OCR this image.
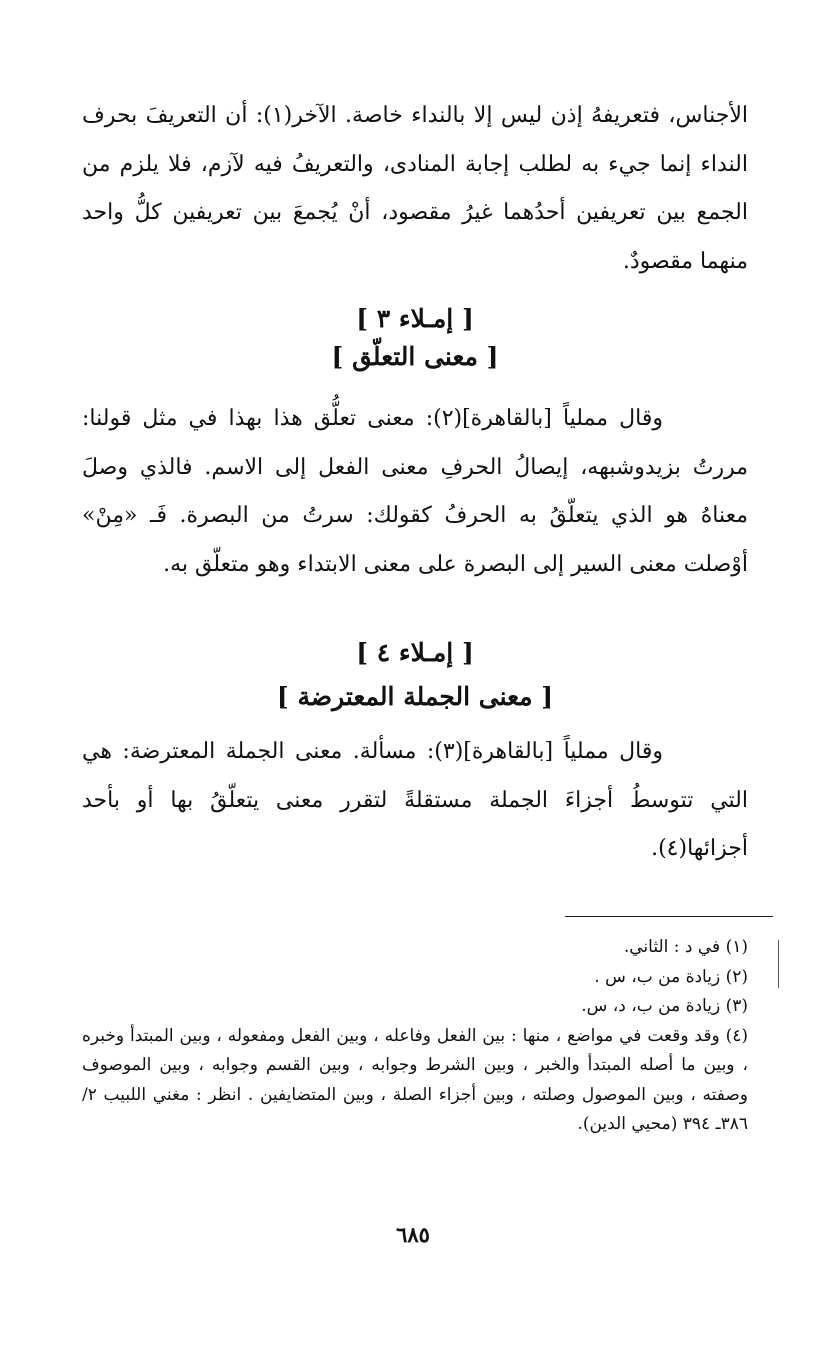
الأجناس، فتعريفهُ إذن ليس إلا بالنداء خاصة. الآخر(١): أن التعريفَ بحرف النداء إنما جيء به لطلب إجابة المنادى، والتعريفُ فيه لآزم، فلا يلزم من الجمع بين تعريفين أحدُهما غيرُ مقصود، أنْ يُجمعَ بين تعريفين كلُّ واحد منهما مقصودٌ.

[ إمـلاء ٣ ]

[ معنى التعلّق ]

وقال مملياً [بالقاهرة](٢): معنى تعلُّق هذا بهذا في مثل قولنا: مررتُ بزيدوشبهه، إيصالُ الحرفِ معنى الفعل إلى الاسم. فالذي وصلَ معناهُ هو الذي يتعلّقُ به الحرفُ كقولك: سرتُ من البصرة. فَـ «مِنْ» أوْصلت معنى السير إلى البصرة على معنى الابتداء وهو متعلّق به.

[ إمـلاء ٤ ]

[ معنى الجملة المعترضة ]

وقال مملياً [بالقاهرة](٣): مسألة. معنى الجملة المعترضة: هي التي تتوسطُ أجزاءَ الجملة مستقلةً لتقرر معنى يتعلّقُ بها أو بأحد أجزائها(٤).

(١) في د : الثاني.

(٢) زيادة من ب، س .

(٣) زيادة من ب، د، س.

(٤) وقد وقعت في مواضع ، منها : بين الفعل وفاعله ، وبين الفعل ومفعوله ، وبين المبتدأ وخبره ، وبين ما أصله المبتدأ والخبر ، وبين الشرط وجوابه ، وبين القسم وجوابه ، وبين الموصوف وصفته ، وبين الموصول وصلته ، وبين أجزاء الصلة ، وبين المتضايفين . انظر : مغني اللبيب ٢/ ٣٨٦ـ ٣٩٤ (محيي الدين).

٦٨٥
